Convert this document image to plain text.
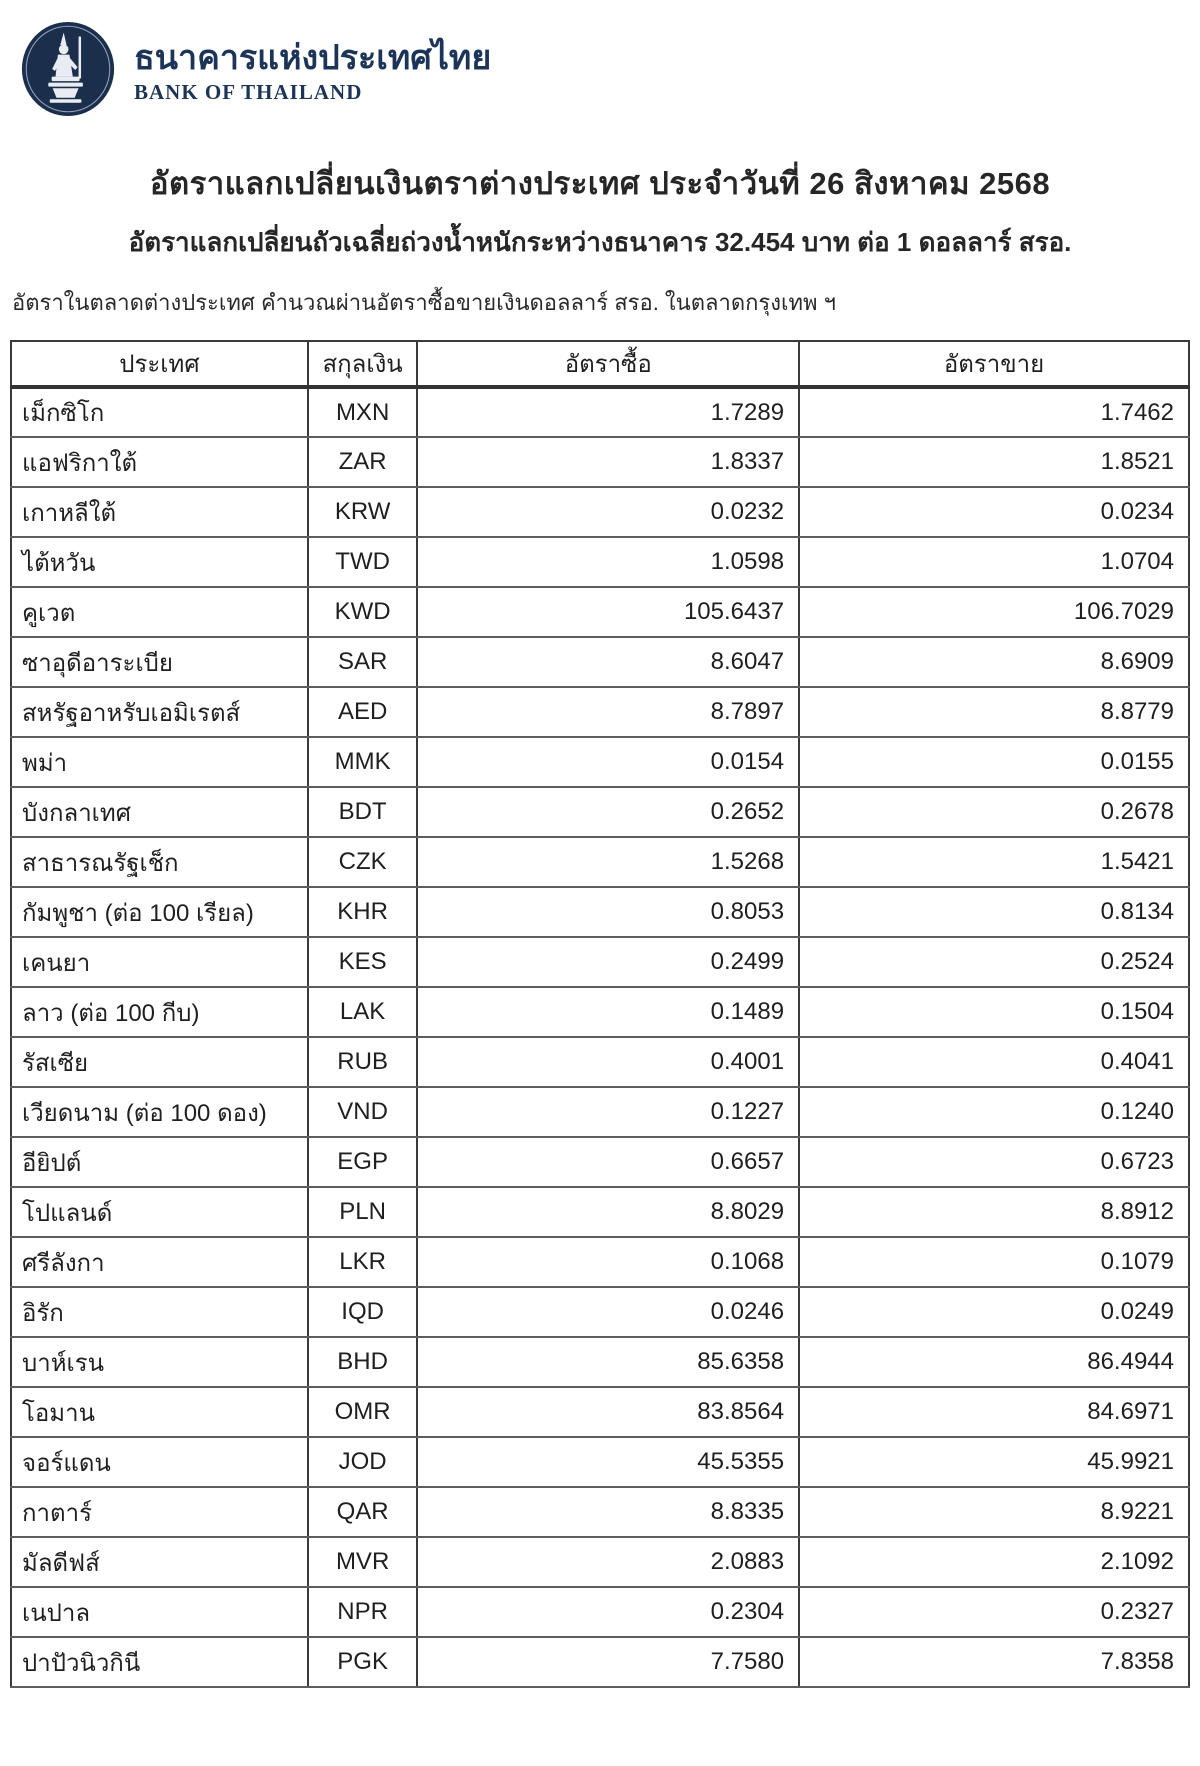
ธนาคารแห่งประเทศไทย
BANK OF THAILAND
อัตราแลกเปลี่ยนเงินตราต่างประเทศ ประจำวันที่ 26 สิงหาคม 2568
อัตราแลกเปลี่ยนถัวเฉลี่ยถ่วงน้ำหนักระหว่างธนาคาร 32.454 บาท ต่อ 1 ดอลลาร์ สรอ.
อัตราในตลาดต่างประเทศ คำนวณผ่านอัตราซื้อขายเงินดอลลาร์ สรอ. ในตลาดกรุงเทพ ฯ
ประเทศ	สกุลเงิน	อัตราซื้อ	อัตราขาย
เม็กซิโก	MXN	1.7289	1.7462
แอฟริกาใต้	ZAR	1.8337	1.8521
เกาหลีใต้	KRW	0.0232	0.0234
ไต้หวัน	TWD	1.0598	1.0704
คูเวต	KWD	105.6437	106.7029
ซาอุดีอาระเบีย	SAR	8.6047	8.6909
สหรัฐอาหรับเอมิเรตส์	AED	8.7897	8.8779
พม่า	MMK	0.0154	0.0155
บังกลาเทศ	BDT	0.2652	0.2678
สาธารณรัฐเช็ก	CZK	1.5268	1.5421
กัมพูชา (ต่อ 100 เรียล)	KHR	0.8053	0.8134
เคนยา	KES	0.2499	0.2524
ลาว (ต่อ 100 กีบ)	LAK	0.1489	0.1504
รัสเซีย	RUB	0.4001	0.4041
เวียดนาม (ต่อ 100 ดอง)	VND	0.1227	0.1240
อียิปต์	EGP	0.6657	0.6723
โปแลนด์	PLN	8.8029	8.8912
ศรีลังกา	LKR	0.1068	0.1079
อิรัก	IQD	0.0246	0.0249
บาห์เรน	BHD	85.6358	86.4944
โอมาน	OMR	83.8564	84.6971
จอร์แดน	JOD	45.5355	45.9921
กาตาร์	QAR	8.8335	8.9221
มัลดีฟส์	MVR	2.0883	2.1092
เนปาล	NPR	0.2304	0.2327
ปาปัวนิวกินี	PGK	7.7580	7.8358
